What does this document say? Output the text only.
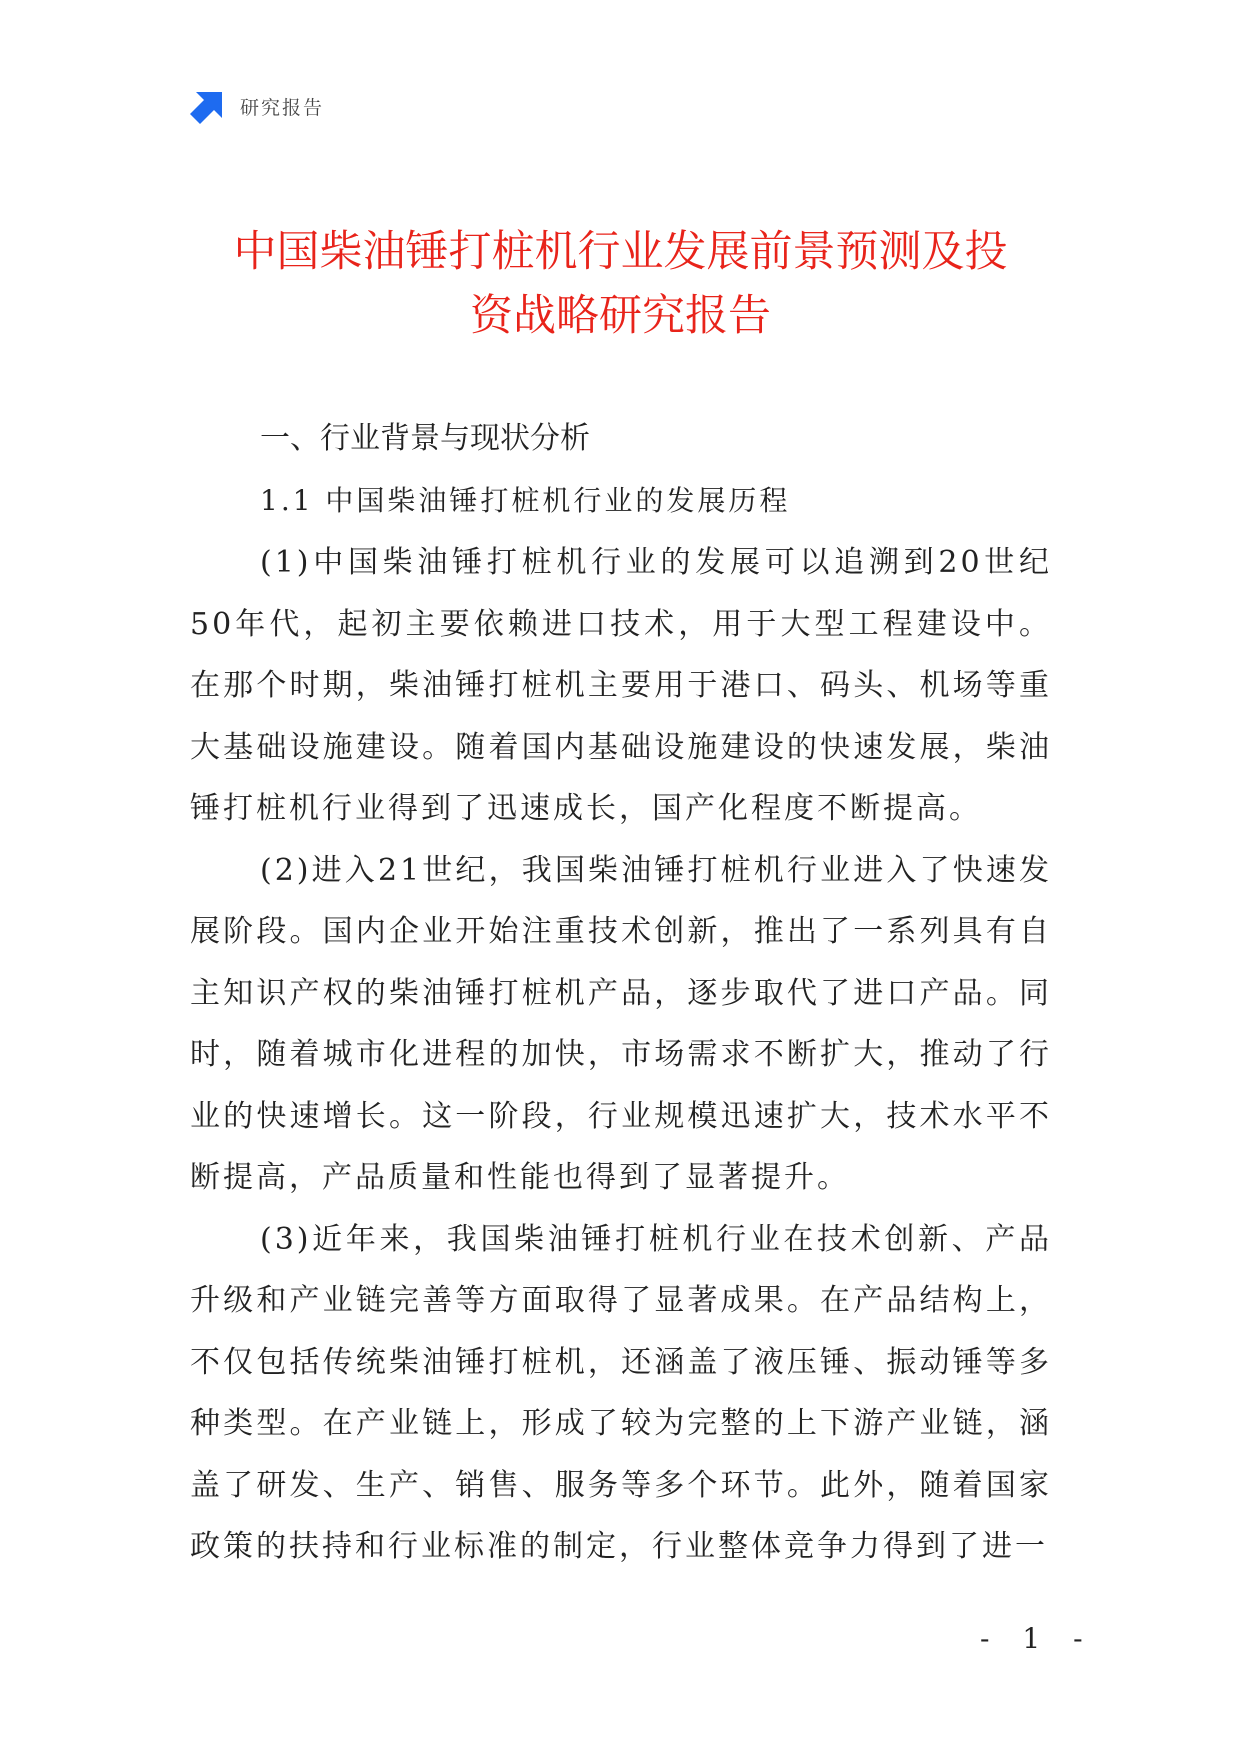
研究报告
中国柴油锤打桩机行业发展前景预测及投
资战略研究报告
一、行业背景与现状分析
1.1 中国柴油锤打桩机行业的发展历程

(1)中国柴油锤打桩机行业的发展可以追溯到20世纪50年代，起初主要依赖进口技术，用于大型工程建设中。在那个时期，柴油锤打桩机主要用于港口、码头、机场等重大基础设施建设。随着国内基础设施建设的快速发展，柴油锤打桩机行业得到了迅速成长，国产化程度不断提高。

(2)进入21世纪，我国柴油锤打桩机行业进入了快速发展阶段。国内企业开始注重技术创新，推出了一系列具有自主知识产权的柴油锤打桩机产品，逐步取代了进口产品。同时，随着城市化进程的加快，市场需求不断扩大，推动了行业的快速增长。这一阶段，行业规模迅速扩大，技术水平不断提高，产品质量和性能也得到了显著提升。

(3)近年来，我国柴油锤打桩机行业在技术创新、产品升级和产业链完善等方面取得了显著成果。在产品结构上，不仅包括传统柴油锤打桩机，还涵盖了液压锤、振动锤等多种类型。在产业链上，形成了较为完整的上下游产业链，涵盖了研发、生产、销售、服务等多个环节。此外，随着国家政策的扶持和行业标准的制定，行业整体竞争力得到了进一

- 1 -
